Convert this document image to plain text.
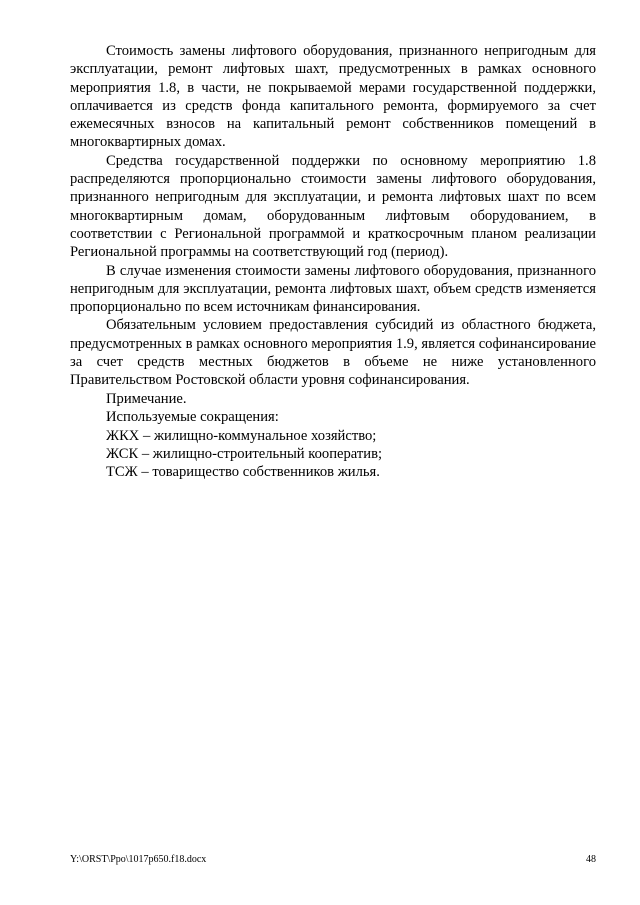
Стоимость замены лифтового оборудования, признанного непригодным для эксплуатации, ремонт лифтовых шахт, предусмотренных в рамках основного мероприятия 1.8, в части, не покрываемой мерами государственной поддержки, оплачивается из средств фонда капитального ремонта, формируемого за счет ежемесячных взносов на капитальный ремонт собственников помещений в многоквартирных домах.

Средства государственной поддержки по основному мероприятию 1.8 распределяются пропорционально стоимости замены лифтового оборудования, признанного непригодным для эксплуатации, и ремонта лифтовых шахт по всем многоквартирным домам, оборудованным лифтовым оборудованием, в соответствии с Региональной программой и краткосрочным планом реализации Региональной программы на соответствующий год (период).

В случае изменения стоимости замены лифтового оборудования, признанного непригодным для эксплуатации, ремонта лифтовых шахт, объем средств изменяется пропорционально по всем источникам финансирования.

Обязательным условием предоставления субсидий из областного бюджета, предусмотренных в рамках основного мероприятия 1.9, является софинансирование за счет средств местных бюджетов в объеме не ниже установленного Правительством Ростовской области уровня софинансирования.

Примечание.

Используемые сокращения:

ЖКХ – жилищно-коммунальное хозяйство;

ЖСК – жилищно-строительный кооператив;

ТСЖ – товарищество собственников жилья.

Y:\ORST\Ppo\1017p650.f18.docx	48
